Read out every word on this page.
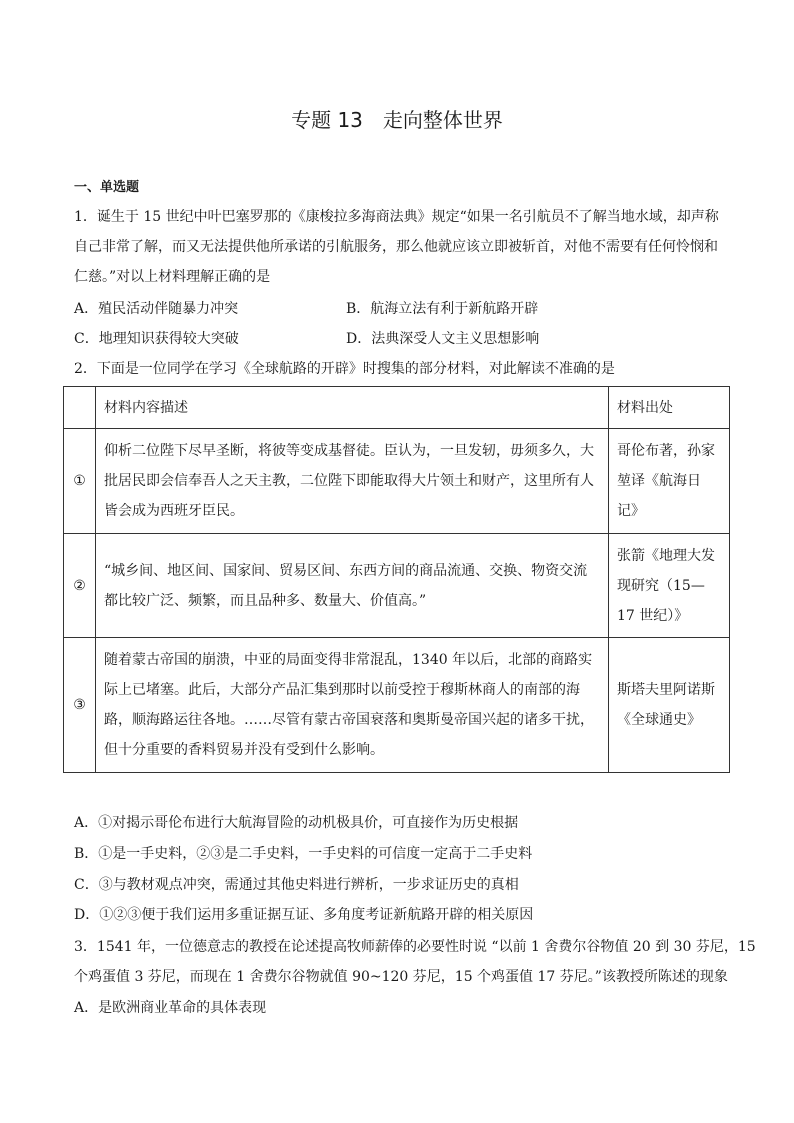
专题 13　走向整体世界
一、单选题
1．诞生于 15 世纪中叶巴塞罗那的《康梭拉多海商法典》规定“如果一名引航员不了解当地水域，却声称自己非常了解，而又无法提供他所承诺的引航服务，那么他就应该立即被斩首，对他不需要有任何怜悯和仁慈。”对以上材料理解正确的是
A．殖民活动伴随暴力冲突	B．航海立法有利于新航路开辟
C．地理知识获得较大突破	D．法典深受人文主义思想影响
2．下面是一位同学在学习《全球航路的开辟》时搜集的部分材料，对此解读不准确的是
	材料内容描述	材料出处
①	仰析二位陛下尽早圣断，将彼等变成基督徒。臣认为，一旦发轫，毋须多久，大批居民即会信奉吾人之天主教，二位陛下即能取得大片领土和财产，这里所有人皆会成为西班牙臣民。	哥伦布著，孙家堃译《航海日记》
②	“城乡间、地区间、国家间、贸易区间、东西方间的商品流通、交换、物资交流都比较广泛、频繁，而且品种多、数量大、价值高。”	张箭《地理大发现研究（15—17 世纪）》
③	随着蒙古帝国的崩溃，中亚的局面变得非常混乱，1340 年以后，北部的商路实际上已堵塞。此后，大部分产品汇集到那时以前受控于穆斯林商人的南部的海路，顺海路运往各地。……尽管有蒙古帝国衰落和奥斯曼帝国兴起的诸多干扰，但十分重要的香料贸易并没有受到什么影响。	斯塔夫里阿诺斯《全球通史》
A．①对揭示哥伦布进行大航海冒险的动机极具价，可直接作为历史根据
B．①是一手史料，②③是二手史料，一手史料的可信度一定高于二手史料
C．③与教材观点冲突，需通过其他史料进行辨析，一步求证历史的真相
D．①②③便于我们运用多重证据互证、多角度考证新航路开辟的相关原因
3．1541 年，一位德意志的教授在论述提高牧师薪俸的必要性时说 “以前 1 舍费尔谷物值 20 到 30 芬尼，15
个鸡蛋值 3 芬尼，而现在 1 舍费尔谷物就值 90~120 芬尼，15 个鸡蛋值 17 芬尼。”该教授所陈述的现象
A．是欧洲商业革命的具体表现
